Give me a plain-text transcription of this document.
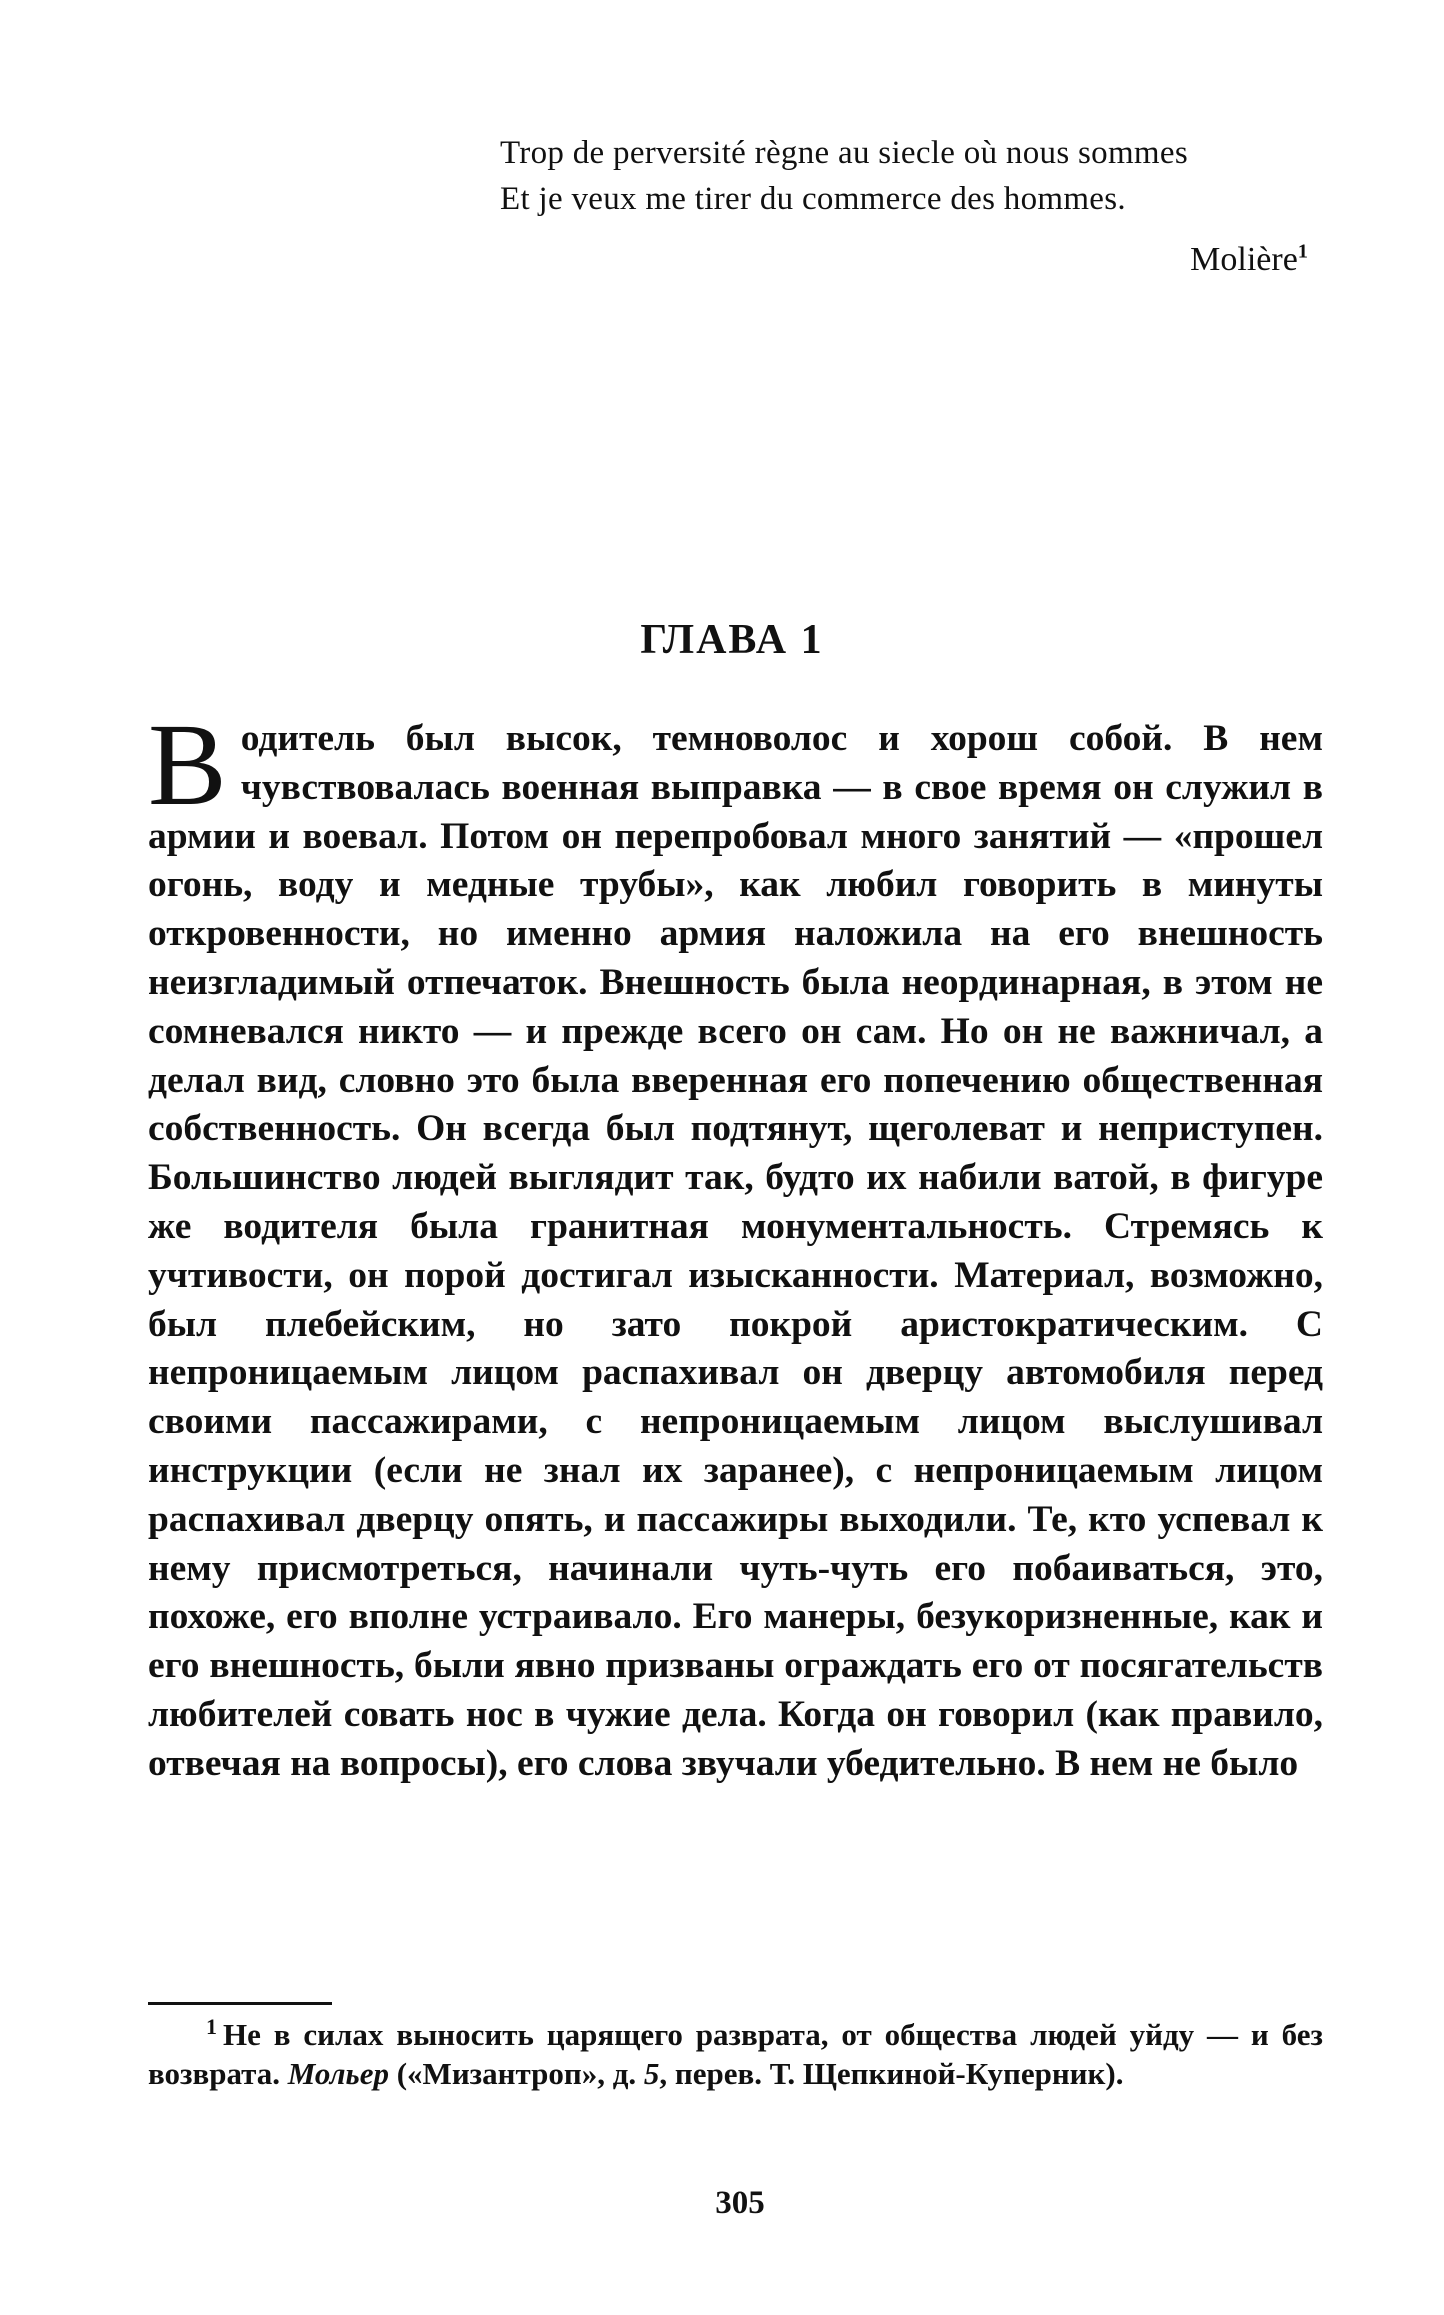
Trop de perversité règne au siecle où nous sommes
Et je veux me tirer du commerce des hommes.
Molière$^1$
ГЛАВА 1
Водитель был высок, темноволос и хорош собой. В нем чувствовалась военная выправка — в свое время он служил в армии и воевал. Потом он перепробовал много занятий — «прошел огонь, воду и медные трубы», как любил говорить в минуты откровенности, но именно армия наложила на его внешность неизгладимый отпечаток. Внешность была неординарная, в этом не сомневался никто — и прежде всего он сам. Но он не важничал, а делал вид, словно это была вверенная его попечению общественная собственность. Он всегда был подтянут, щеголеват и неприступен. Большинство людей выглядит так, будто их набили ватой, в фигуре же водителя была гранитная монументальность. Стремясь к учтивости, он порой достигал изысканности. Материал, возможно, был плебейским, но зато покрой аристократическим. С непроницаемым лицом распахивал он дверцу автомобиля перед своими пассажирами, с непроницаемым лицом выслушивал инструкции (если не знал их заранее), с непроницаемым лицом распахивал дверцу опять, и пассажиры выходили. Те, кто успевал к нему присмотреться, начинали чуть-чуть его побаиваться, это, похоже, его вполне устраивало. Его манеры, безукоризненные, как и его внешность, были явно призваны ограждать его от посягательств любителей совать нос в чужие дела. Когда он говорил (как правило, отвечая на вопросы), его слова звучали убедительно. В нем не было
$^1$ Не в силах выносить царящего разврата, от общества людей уйду — и без возврата. Мольер («Мизантроп», д. 5, перев. Т. Щепкиной-Куперник).
305
